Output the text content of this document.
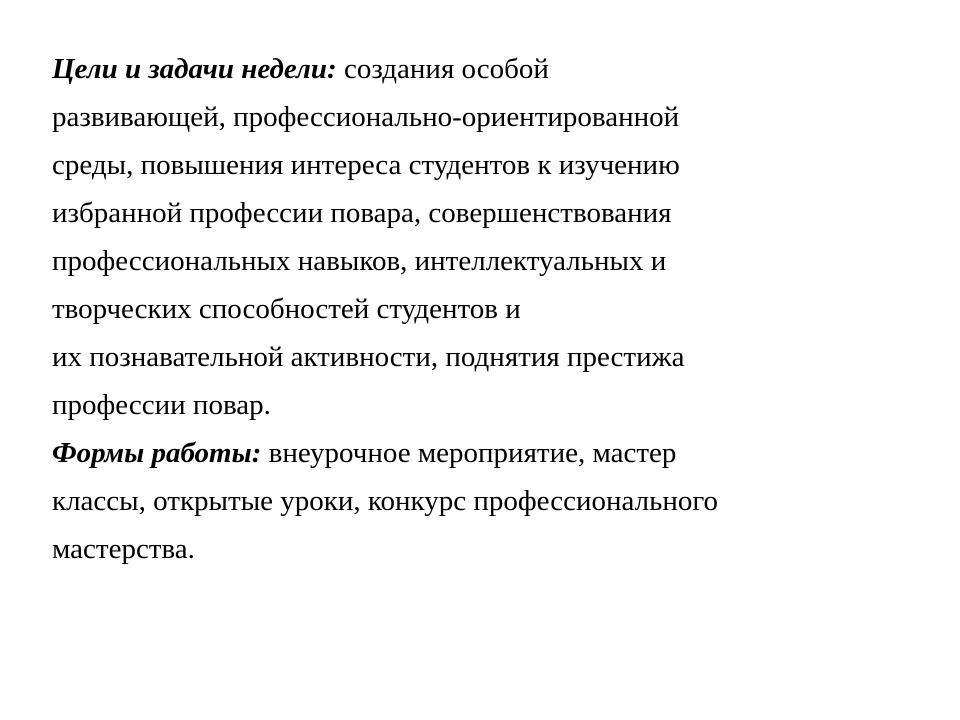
Цели и задачи недели: создания особой
развивающей, профессионально-ориентированной
среды, повышения интереса студентов к изучению
избранной профессии повара, совершенствования
профессиональных навыков, интеллектуальных и
творческих способностей студентов и
их познавательной активности, поднятия престижа
профессии повар.
Формы работы: внеурочное мероприятие, мастер
классы, открытые уроки, конкурс профессионального
мастерства.
